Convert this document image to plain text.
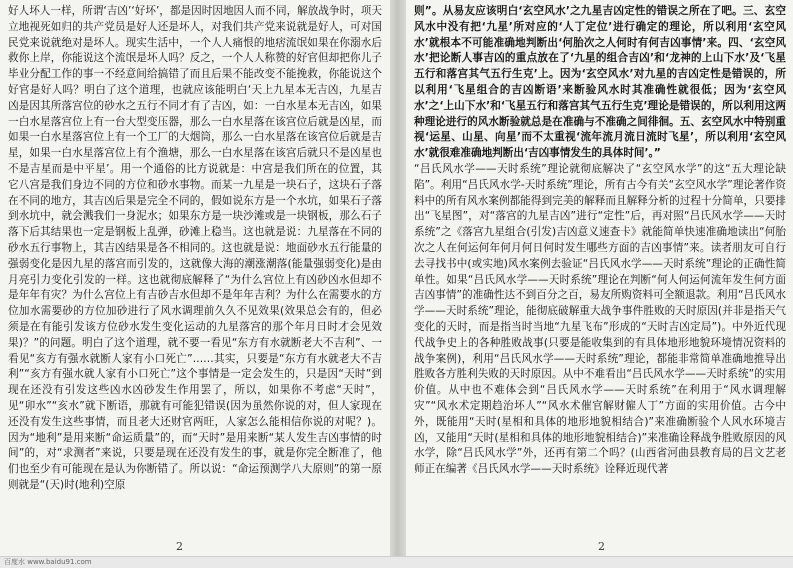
好人坏人一样，所谓‘吉凶’‘好坏’，都是因时因地因人而不同，解放战争时，项天立地视死如归的共产党员是好人还是坏人，对我们共产党来说就是好人，可对国民党来说就绝对是坏人。现实生活中，一个人人痛恨的地痞流氓如果在你溺水后救你上岸，你能说这个流氓是坏人吗？反之，一个人人称赞的好官但却把你儿子毕业分配工作的事一不经意间给搞错了而且后果不能改变不能挽救，你能说这个好官是好人吗？明白了这个道理，也就应该能明白‘天上九星本无吉凶，九星吉凶是因其所落宫位的砂水之五行不同才有了吉凶，如：一白水星本无吉凶，如果一白水星落宫位上有一台大型变压器，那么一白水星落在该宫位后就是凶星，而如果一白水星落宫位上有一个工厂的大烟筒，那么一白水星落在该宫位后就是吉星，如果一白水星落宫位上有个渔塘，那么一白水星落在该宫后就只不是凶星也不是吉星而是中平星’。用一个通俗的比方说就是：中宫是我们所在的位置，其它八宫是我们身边不同的方位和砂水事物。而某一九星是一块石子，这块石子落在不同的地方，其吉凶后果是完全不同的，假如说东方是一个水坑，如果石子落到水坑中，就会溅我们一身泥水；如果东方是一块沙滩或是一块钢板，那么石子落下后其结果也一定是钢板上乱弹，砂滩上稳当。这也就是说：九星落在不同的砂水五行事物上，其吉凶结果是各不相同的。这也就是说：地面砂水五行能量的强弱变化是因九星的落宫而引发的，这就像大海的潮涨潮落(能量强弱变化)是由月亮引力变化引发的一样。这也就彻底解释了“为什么宫位上有凶砂凶水但却不是年年有灾？为什么宫位上有吉砂吉水但却不是年年吉利？为什么在需要水的方位加水需要砂的方位加砂进行了风水调理前久久不见效果(效果总会有的，但必须是在有能引发该方位砂水发生变化运动的九星落宫的那个年月日时才会见效果)？”的问题。明白了这个道理，就不要一看见“东方有水就断老大不吉利”、一看见“亥方有强水就断人家有小口死亡”……其实，只要是“东方有水就老大不吉利”“亥方有强水就人家有小口死亡”这个事情是一定会发生的，只是因“天时”到现在还没有引发这些凶水凶砂发生作用罢了，所以，如果你不考虑“天时”，见“卯水”“亥水”就下断语，那就有可能犯错误(因为虽然你说的对，但人家现在还没有发生这些事情，而且老大还财官两旺，人家怎么能相信你说的对呢？)。因为“地利”是用来断“命运质量”的，而“天时”是用来断“某人发生吉凶事情的时间”的，对“求测者”来说，只要是现在还没有发生的事，就是你完全断准了，他们也至少有可能现在是认为你断错了。所以说：“命运预测学八大原则”的第一原则就是“(天)时(地利)空原

则”。从易友应该明白‘玄空风水’之九星吉凶定性的错误之所在了吧。三、玄空风水中没有把‘九星’所对应的‘人丁定位’进行确定的理论，所以利用‘玄空风水’就根本不可能准确地判断出‘何胎次之人何时有何吉凶事情’来。四、‘玄空风水’把论断人事吉凶的重点放在了‘九星的组合吉凶’和‘龙神的上山下水’及‘飞星五行和落宫其气五行生克’上。因为‘玄空风水’对九星的吉凶定性是错误的，所以利用‘飞星组合的吉凶断语’来断验风水时其准确性就很低；因为‘玄空风水’之‘上山下水’和‘飞星五行和落宫其气五行生克’理论是错误的，所以利用这两种理论进行的风水断验就总是在准确与不准确之间徘徊。五、玄空风水中特别重视‘运星、山星、向星’而不太重视‘流年流月流日流时飞星’，所以利用‘玄空风水’就很难准确地判断出‘吉凶事情发生的具体时间’。”

“吕氏风水学——天时系统”理论就彻底解决了“玄空风水学”的这“五大理论缺陷”。利用“吕氏风水学-天时系统”理论，所有古今有关“玄空风水学”理论著作资料中的所有风水案例都能得到完美的解释而且解释分析的过程十分简单，只要排出“飞星图”，对“落宫的九星吉凶”进行“定性”后，再对照“吕氏风水学——天时系统”之《落宫九星组合(引发)吉凶意义速查卡》就能简单快速准确地读出“何胎次之人在何运何年何月何日何时发生哪些方面的吉凶事情”来。读者朋友可自行去寻找书中(或实地)风水案例去验证“吕氏风水学——天时系统”理论的正确性简单性。如果“吕氏风水学——天时系统”理论在判断“何人何运何流年发生何方面吉凶事情”的准确性达不到百分之百，易友所购资料可全额退款。利用“吕氏风水学——天时系统”理论，能彻底破解重大战争事件胜败的天时原因(并非是指天气变化的天时，而是指当时当地“九星飞布”形成的“天时吉凶定局”)。中外近代现代战争史上的各种胜败战事(只要是能收集到的有具体地形地貌环境情况资料的战争案例)，利用“吕氏风水学——天时系统”理论，都能非常简单准确地推导出胜败各方胜利失败的天时原因。从中不难看出“吕氏风水学——天时系统”的实用价值。从中也不难体会到“吕氏风水学——天时系统”在利用于“风水调理解灾”“风水术定期趋治坏人”“风水术催官解财僱人丁”方面的实用价值。古今中外，既能用“天时(星相和具体的地形地貌相结合)”来准确断验个人风水环境吉凶，又能用“天时(星相和具体的地形地貌相结合)”来准确诠释战争胜败原因的风水学，除“吕氏风水学”外，还再有第二个吗？(山西省河曲县教育局的吕文艺老师正在编著《吕氏风水学——天时系统》诠释近现代著

2	2
百度水 www.baidu91.com
